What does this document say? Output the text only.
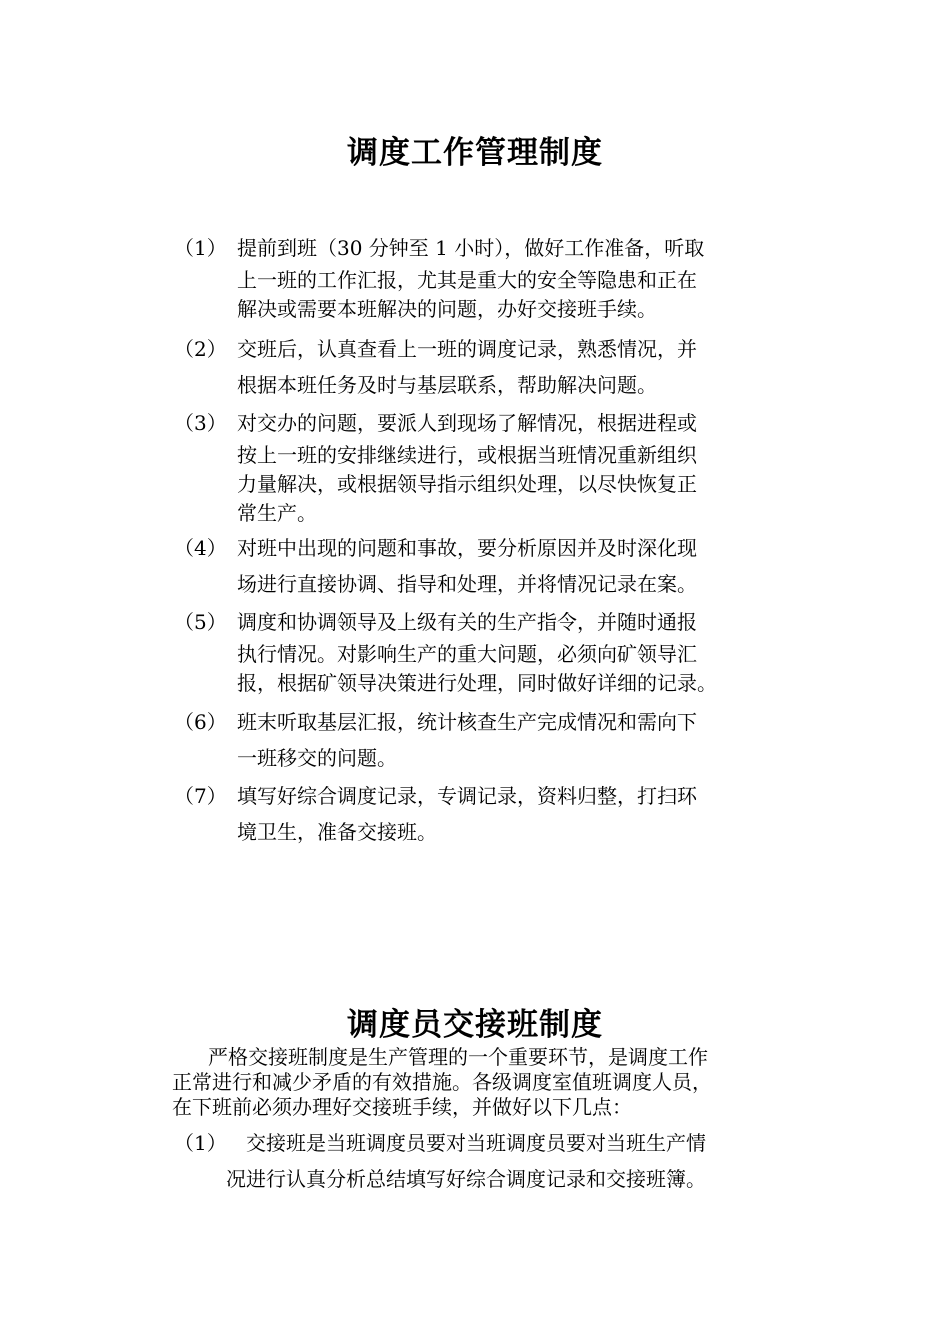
调度工作管理制度
（1） 提前到班（30 分钟至 1 小时），做好工作准备，听取
上一班的工作汇报，尤其是重大的安全等隐患和正在
解决或需要本班解决的问题，办好交接班手续。
（2） 交班后，认真查看上一班的调度记录，熟悉情况，并
根据本班任务及时与基层联系，帮助解决问题。
（3） 对交办的问题，要派人到现场了解情况，根据进程或
按上一班的安排继续进行，或根据当班情况重新组织
力量解决，或根据领导指示组织处理，以尽快恢复正
常生产。
（4） 对班中出现的问题和事故，要分析原因并及时深化现
场进行直接协调、指导和处理，并将情况记录在案。
（5） 调度和协调领导及上级有关的生产指令，并随时通报
执行情况。对影响生产的重大问题，必须向矿领导汇
报，根据矿领导决策进行处理，同时做好详细的记录。
（6） 班末听取基层汇报，统计核查生产完成情况和需向下
一班移交的问题。
（7） 填写好综合调度记录，专调记录，资料归整，打扫环
境卫生，准备交接班。
调度员交接班制度
严格交接班制度是生产管理的一个重要环节，是调度工作
正常进行和减少矛盾的有效措施。各级调度室值班调度人员，
在下班前必须办理好交接班手续，并做好以下几点：
（1） 交接班是当班调度员要对当班调度员要对当班生产情
况进行认真分析总结填写好综合调度记录和交接班簿。
